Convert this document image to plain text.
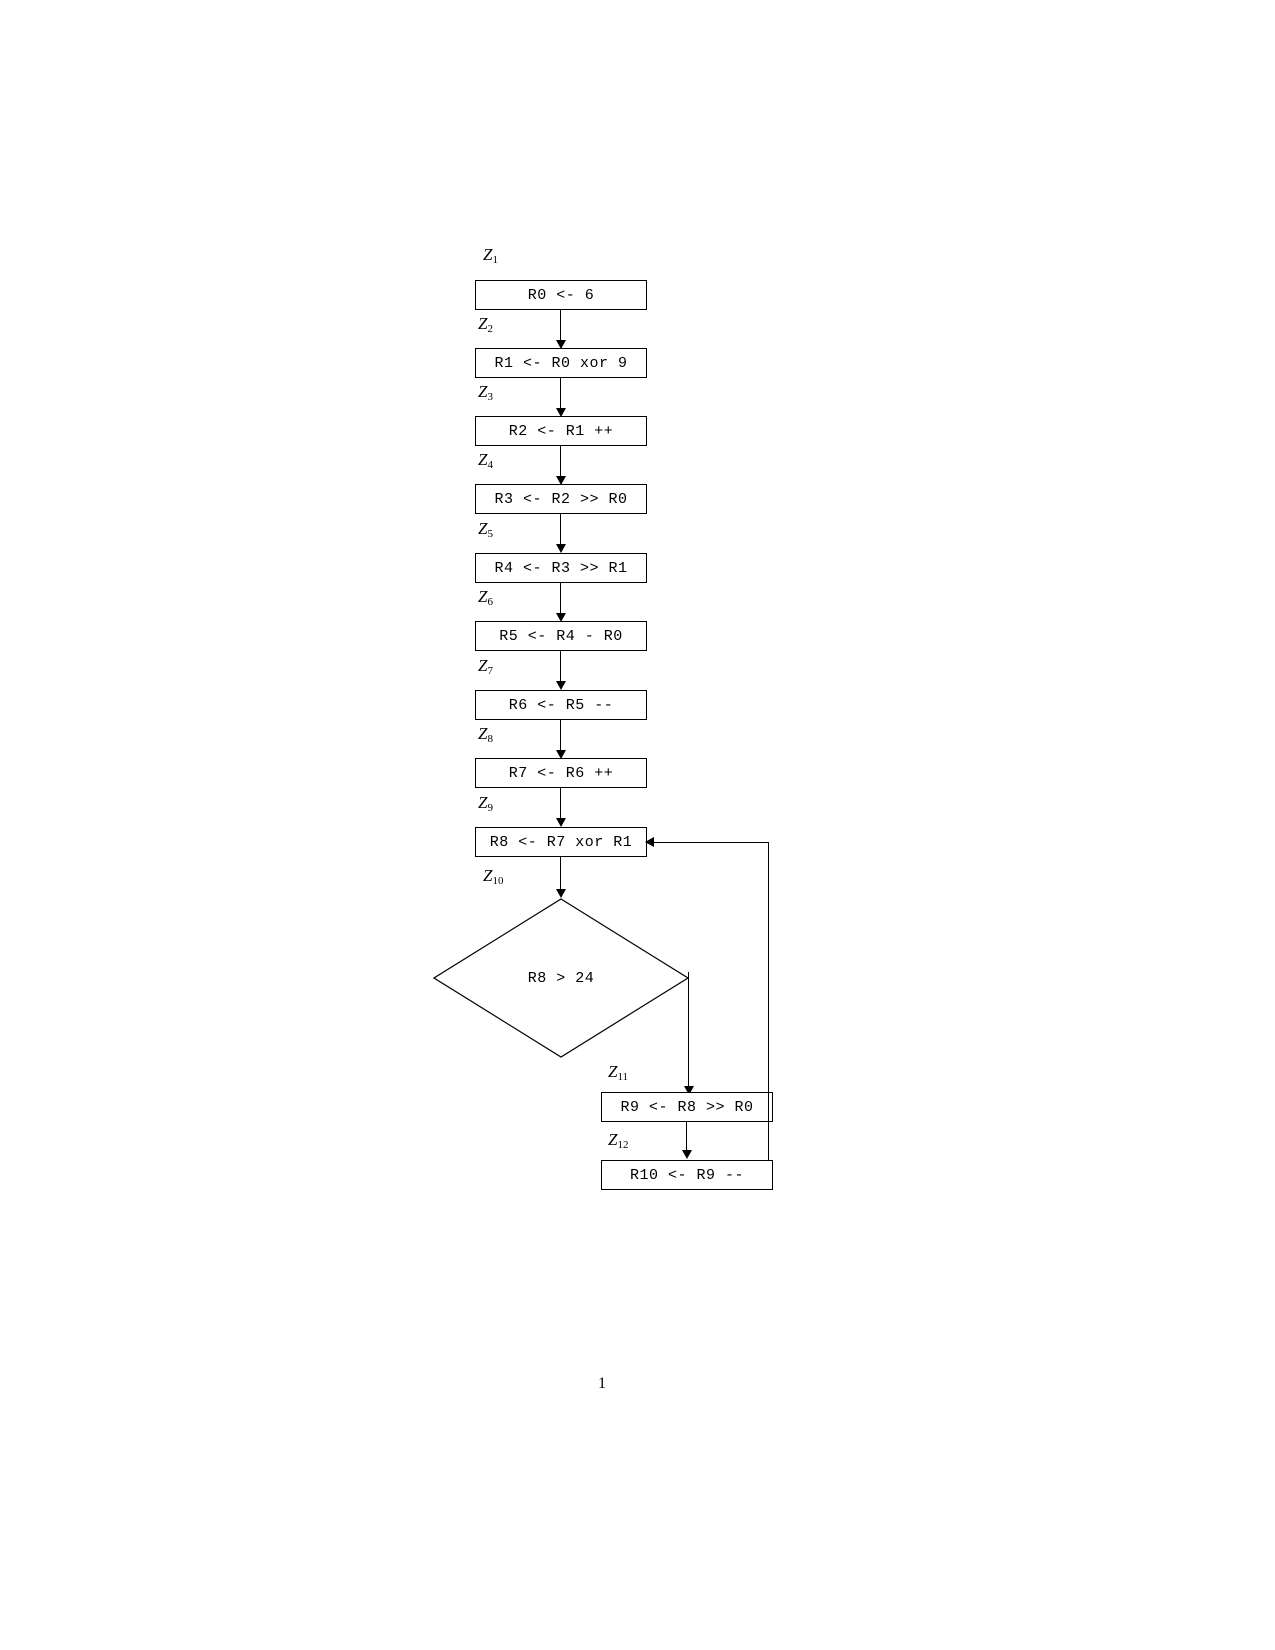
$Z_1$
R0 <- 6
$Z_2$
R1 <- R0 xor 9
$Z_3$
R2 <- R1 ++
$Z_4$
R3 <- R2 >> R0
$Z_5$
R4 <- R3 >> R1
$Z_6$
R5 <- R4 - R0
$Z_7$
R6 <- R5 --
$Z_8$
R7 <- R6 ++
$Z_9$
R8 <- R7 xor R1
$Z_{10}$
R8 > 24
$Z_{11}$
R9 <- R8 >> R0
$Z_{12}$
R10 <- R9 --
1
